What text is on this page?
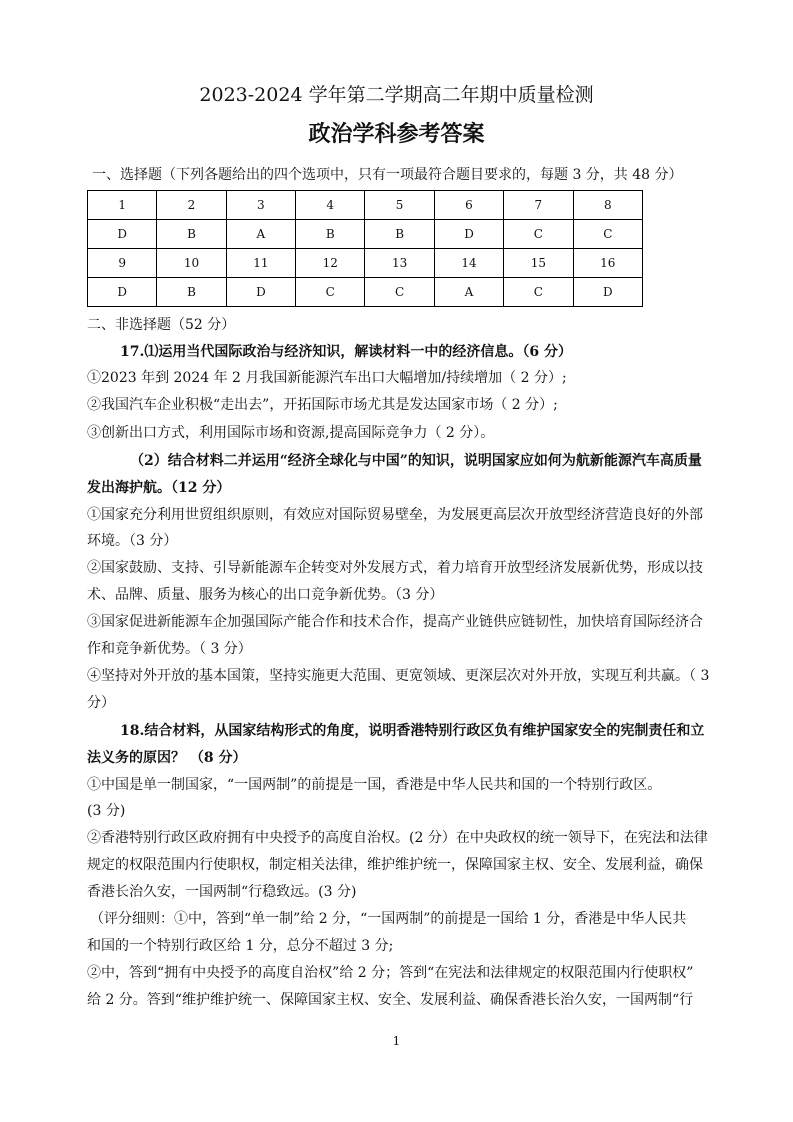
2023-2024 学年第二学期高二年期中质量检测
政治学科参考答案
一、选择题（下列各题给出的四个选项中，只有一项最符合题目要求的，每题 3 分，共 48 分）
1	2	3	4	5	6	7	8
D	B	A	B	B	D	C	C
9	10	11	12	13	14	15	16
D	B	D	C	C	A	C	D
二、非选择题（52 分）
17.⑴运用当代国际政治与经济知识，解读材料一中的经济信息。（6 分）
①2023 年到 2024 年 2 月我国新能源汽车出口大幅增加/持续增加（ 2 分）;
②我国汽车企业积极“走出去”，开拓国际市场尤其是发达国家市场（ 2 分）;
③创新出口方式，利用国际市场和资源,提高国际竞争力（ 2 分）。
（2）结合材料二并运用“经济全球化与中国”的知识，说明国家应如何为航新能源汽车高质量
发出海护航。（12 分）
①国家充分利用世贸组织原则，有效应对国际贸易壁垒，为发展更高层次开放型经济营造良好的外部
环境。（3 分）
②国家鼓励、支持、引导新能源车企转变对外发展方式，着力培育开放型经济发展新优势，形成以技
术、品牌、质量、服务为核心的出口竞争新优势。（3 分）
③国家促进新能源车企加强国际产能合作和技术合作，提高产业链供应链韧性，加快培育国际经济合
作和竞争新优势。（ 3 分）
④坚持对外开放的基本国策，坚持实施更大范围、更宽领域、更深层次对外开放，实现互利共赢。（ 3
分）
18.结合材料，从国家结构形式的角度，说明香港特别行政区负有维护国家安全的宪制责任和立
法义务的原因？ （8 分）
①中国是单一制国家，“一国两制”的前提是一国，香港是中华人民共和国的一个特别行政区。
(3 分)
②香港特别行政区政府拥有中央授予的高度自治权。(2 分）在中央政权的统一领导下，在宪法和法律
规定的权限范围内行使职权，制定相关法律，维护维护统一，保障国家主权、安全、发展利益，确保
香港长治久安，一国两制“行稳致远。(3 分)
（评分细则：①中，答到“单一制”给 2 分，“一国两制”的前提是一国给 1 分，香港是中华人民共
和国的一个特别行政区给 1 分，总分不超过 3 分;
②中，答到“拥有中央授予的高度自治权”给 2 分；答到“在宪法和法律规定的权限范围内行使职权”
给 2 分。答到“维护维护统一、保障国家主权、安全、发展利益、确保香港长治久安，一国两制“行
1
